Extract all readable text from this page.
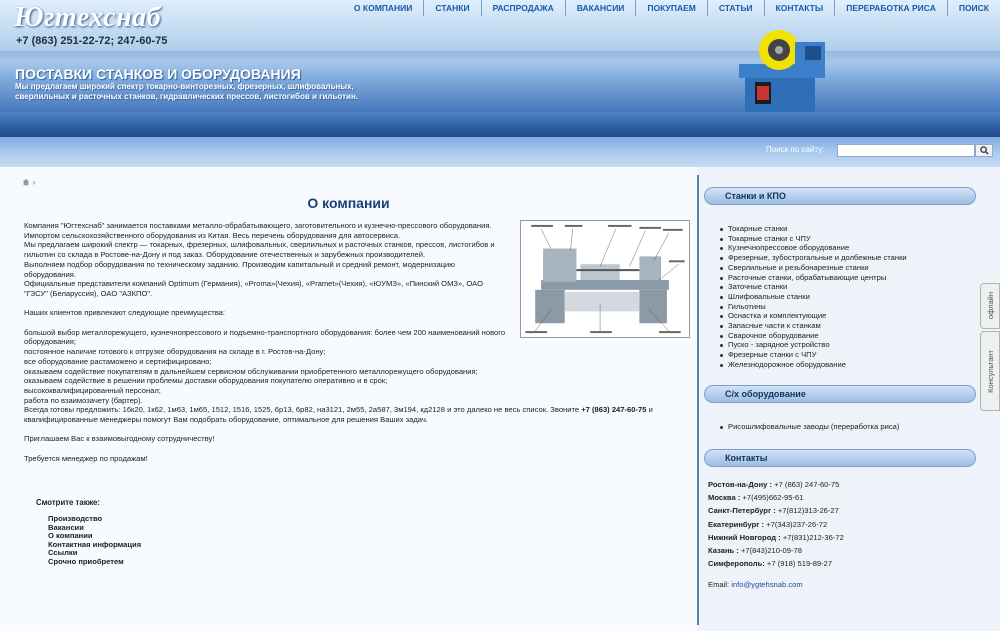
Югтехснаб
+7 (863) 251-22-72; 247-60-75
О КОМПАНИИ	СТАНКИ	РАСПРОДАЖА	ВАКАНСИИ	ПОКУПАЕМ	СТАТЬИ	КОНТАКТЫ	ПЕРЕРАБОТКА РИСА	ПОИСК
ПОСТАВКИ СТАНКОВ И ОБОРУДОВАНИЯ
Мы предлагаем широкий спектр токарно-винторезных, фрезерных, шлифовальных, сверлильных и расточных станков, гидравлических прессов, листогибов и гильотин.
Поиск по сайту:
›
О компании

Компания "Югтехснаб" занимается поставками металло-обрабатывающего, заготовительного и кузнечно-прессового оборудования.

Импортом сельскохозяйственного оборудования из Китая. Весь перечень оборудования для автосервиса.

Мы предлагаем широкий спектр — токарных, фрезерных, шлифовальных, сверлильных и расточных станков, прессов, листогибов и

гильотин со склада в Ростове-на-Дону и под заказ. Оборудование отечественных и зарубежных производителей.

Выполняем подбор оборудования по техническому заданию. Производим капитальный и средний ремонт, модернизацию

оборудования.

Официальные представители компаний Optimum (Германия), «Proma»(Чехия), «Pramet»(Чехия), «ЮУМЗ», «Пинский ОМЗ», ОАО

"ГЗСУ" (Беларуссия), ОАО "АЗКПО".

Наших клиентов привлекают следующие преимущества:

большой выбор металлорежущего, кузнечнопрессового и подъемно-транспортного оборудования: более чем 200 наименований нового

оборудования;

постоянное наличие готового к отгрузке оборудования на складе в г. Ростов-на-Дону;

все оборудование растаможено и сертифицировано;

оказываем содействие покупателям в дальнейшем сервисном обслуживании приобретенного металлорежущего оборудования;

оказываем содействие в решении проблемы доставки оборудования покупателю оперативно и в срок;

высококвалифицированный персонал;

работа по взаимозачету (бартер).

Всегда готовы предложить: 16к20, 1к62, 1м63, 1м65, 1512, 1516, 1525, 6р13, 6р82, на3121, 2м55, 2а587, 3м194, кд2128 и это далеко не весь список. Звоните +7 (863) 247-60-75 и

квалифицированные менеджеры помогут Вам подобрать оборудование, оптимальное для решения Ваших задач.

Приглашаем Вас к взаимовыгодному сотрудничеству!

Требуется менеджер по продажам!

Смотрите также:
Производство
Вакансии
О компании
Контактная информация
Ссылки
Срочно приобретем
Станки и КПО
Токарные станки
Токарные станки с ЧПУ
Кузнечнопрессовое оборудование
Фрезерные, зубострогальные и долбежные станки
Сверлильные и резьбонарезные станки
Расточные станки, обрабатывающие центры
Заточные станки
Шлифовальные станки
Гильотины
Оснастка и комплектующие
Запасные части к станкам
Сварочное оборудование
Пуско - зарядное устройство
Фрезерные станки с ЧПУ
Железнодорожное оборудование
С/х оборудование
Рисошлифовальные заводы (переработка риса)
Контакты
Ростов-на-Дону : +7 (863) 247-60-75
Москва : +7(495)662-95-61
Санкт-Петербург : +7(812)313-26-27
Екатеринбург : +7(343)237-26-72
Нижний Новгород : +7(831)212-36-72
Казань : +7(843)210-09-78
Симферополь: +7 (918) 519-89-27
Email: info@ygtehsnab.com
офлайн
Консультант
